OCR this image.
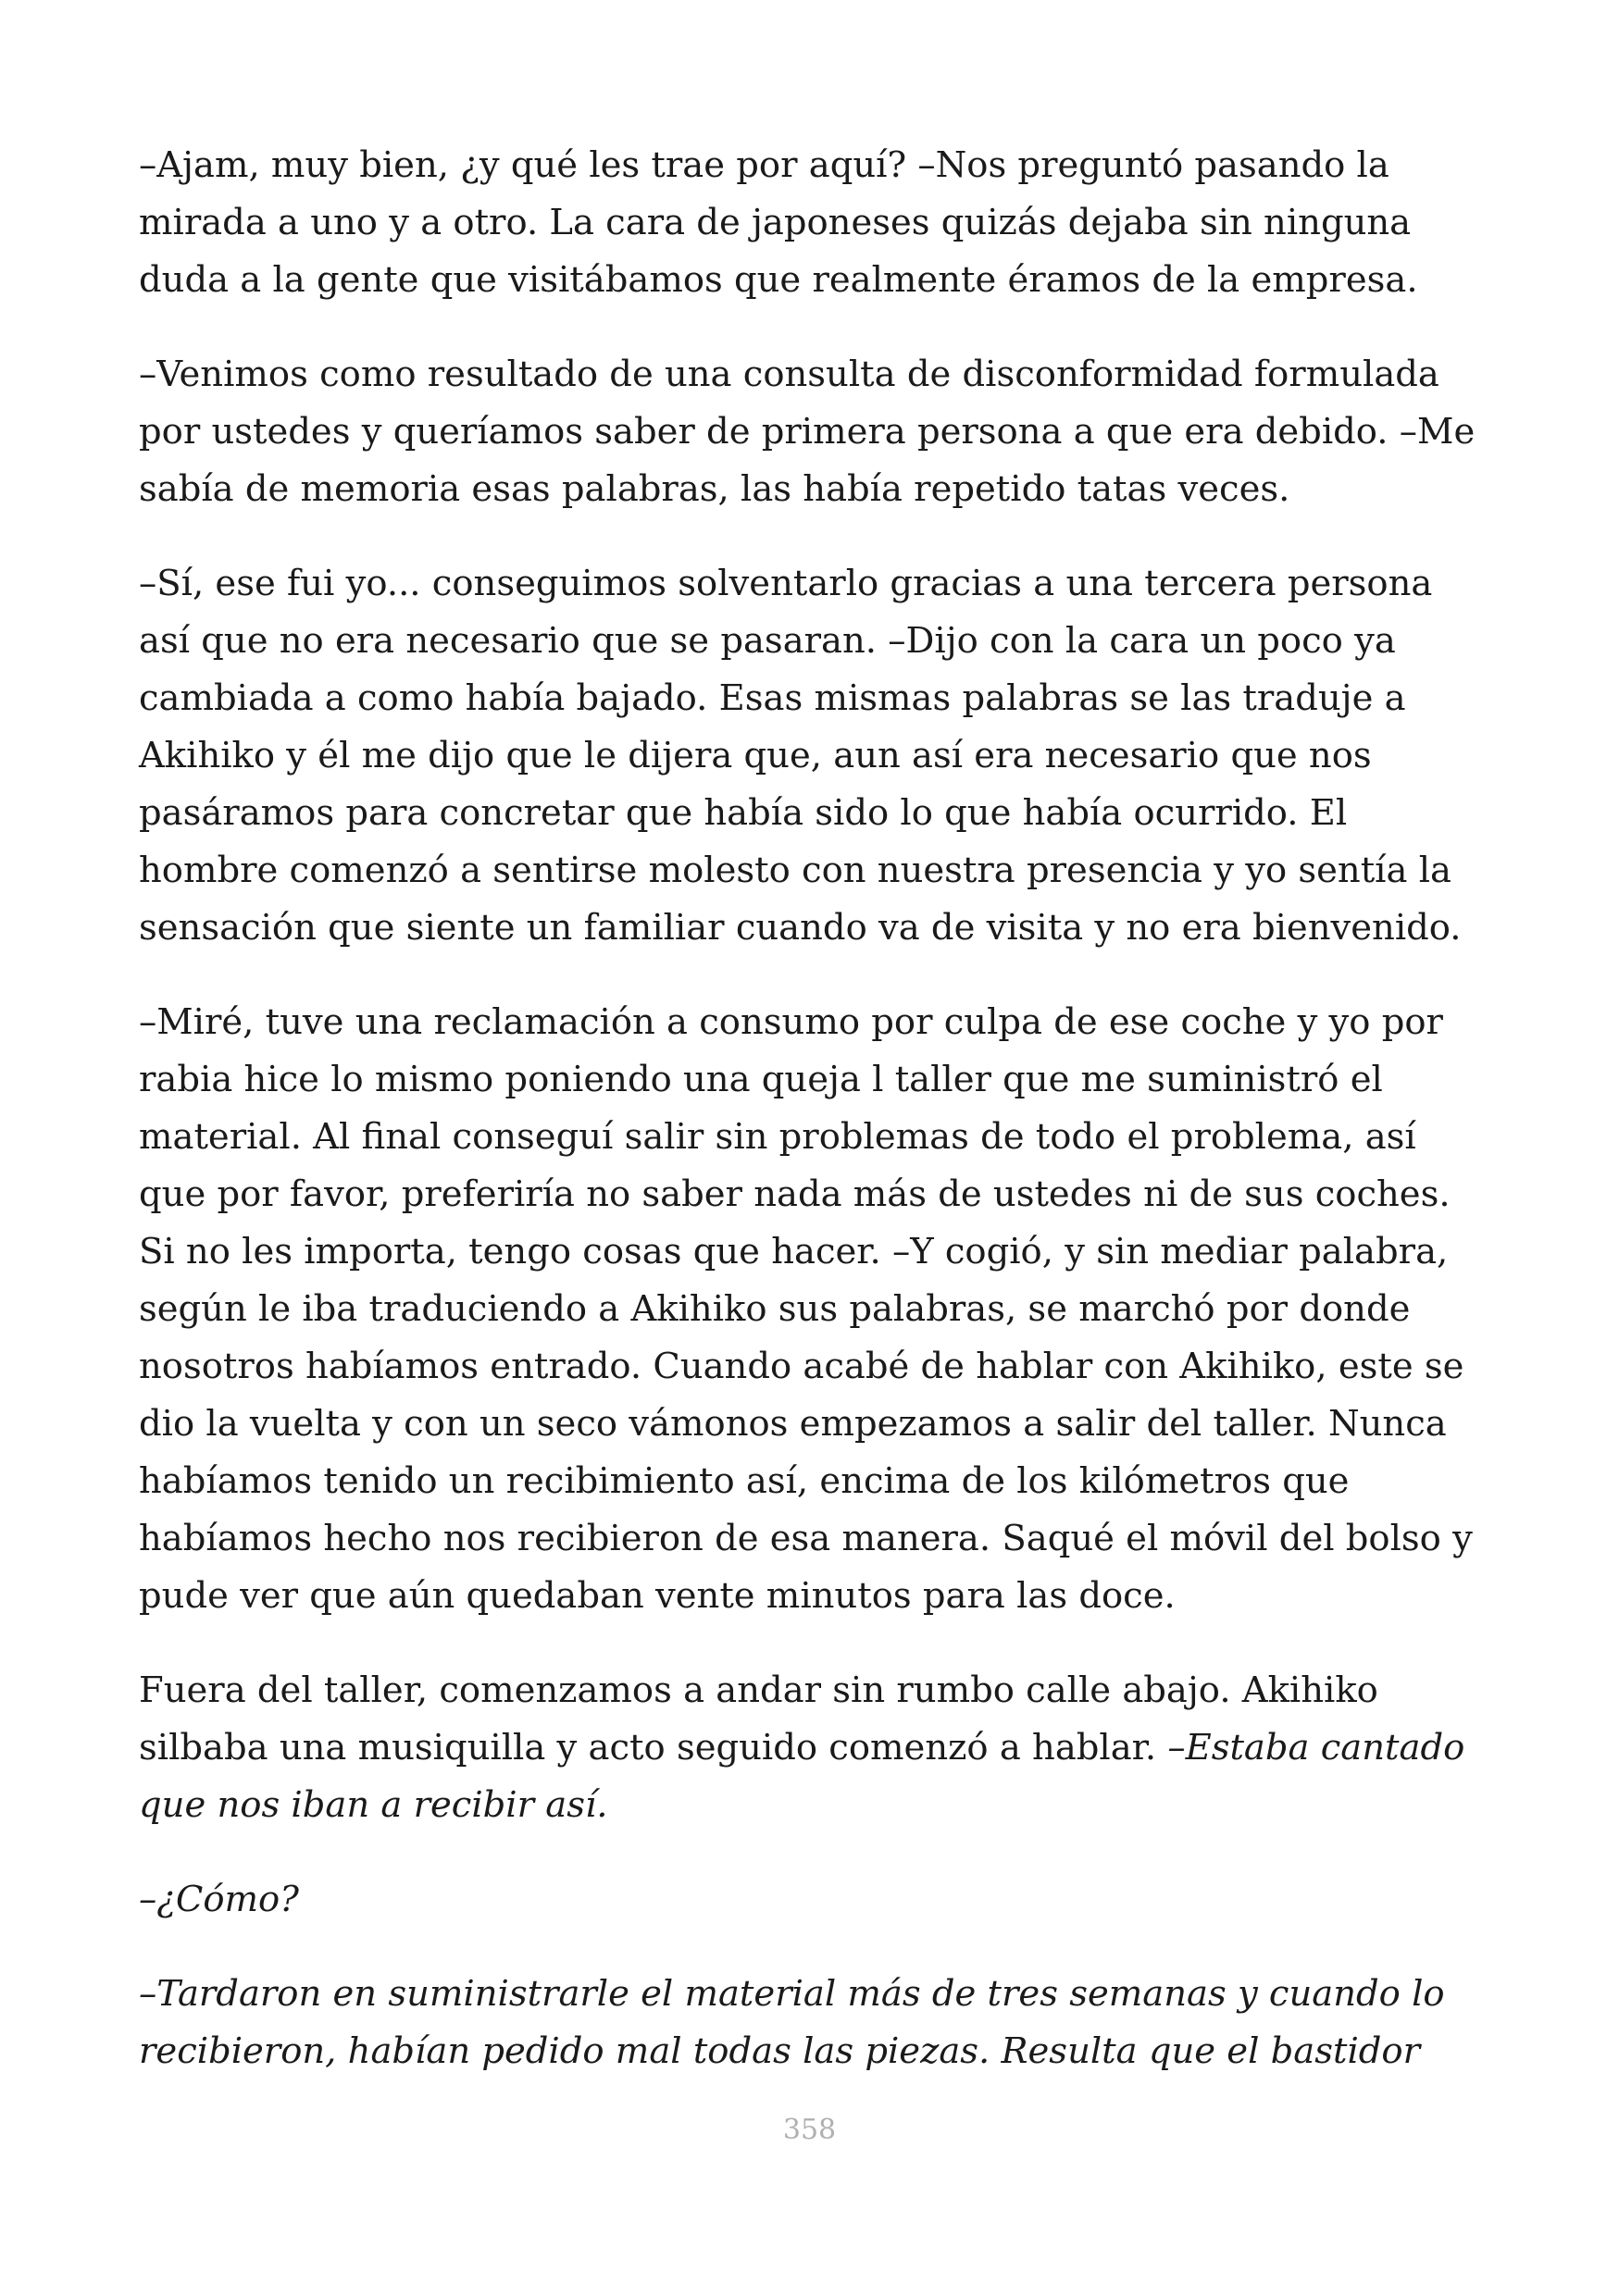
–Ajam, muy bien, ¿y qué les trae por aquí? –Nos preguntó pasando la mirada a uno y a otro. La cara de japoneses quizás dejaba sin ninguna duda a la gente que visitábamos que realmente éramos de la empresa.

–Venimos como resultado de una consulta de disconformidad formulada por ustedes y queríamos saber de primera persona a que era debido. –Me sabía de memoria esas palabras, las había repetido tatas veces.

–Sí, ese fui yo... conseguimos solventarlo gracias a una tercera persona así que no era necesario que se pasaran. –Dijo con la cara un poco ya cambiada a como había bajado. Esas mismas palabras se las traduje a Akihiko y él me dijo que le dijera que, aun así era necesario que nos pasáramos para concretar que había sido lo que había ocurrido. El hombre comenzó a sentirse molesto con nuestra presencia y yo sentía la sensación que siente un familiar cuando va de visita y no era bienvenido.

–Miré, tuve una reclamación a consumo por culpa de ese coche y yo por rabia hice lo mismo poniendo una queja l taller que me suministró el material. Al final conseguí salir sin problemas de todo el problema, así que por favor, preferiría no saber nada más de ustedes ni de sus coches. Si no les importa, tengo cosas que hacer. –Y cogió, y sin mediar palabra, según le iba traduciendo a Akihiko sus palabras, se marchó por donde nosotros habíamos entrado. Cuando acabé de hablar con Akihiko, este se dio la vuelta y con un seco vámonos empezamos a salir del taller. Nunca habíamos tenido un recibimiento así, encima de los kilómetros que habíamos hecho nos recibieron de esa manera. Saqué el móvil del bolso y pude ver que aún quedaban vente minutos para las doce.

Fuera del taller, comenzamos a andar sin rumbo calle abajo. Akihiko silbaba una musiquilla y acto seguido comenzó a hablar. –Estaba cantado que nos iban a recibir así.

–¿Cómo?

–Tardaron en suministrarle el material más de tres semanas y cuando lo recibieron, habían pedido mal todas las piezas. Resulta que el bastidor

358
